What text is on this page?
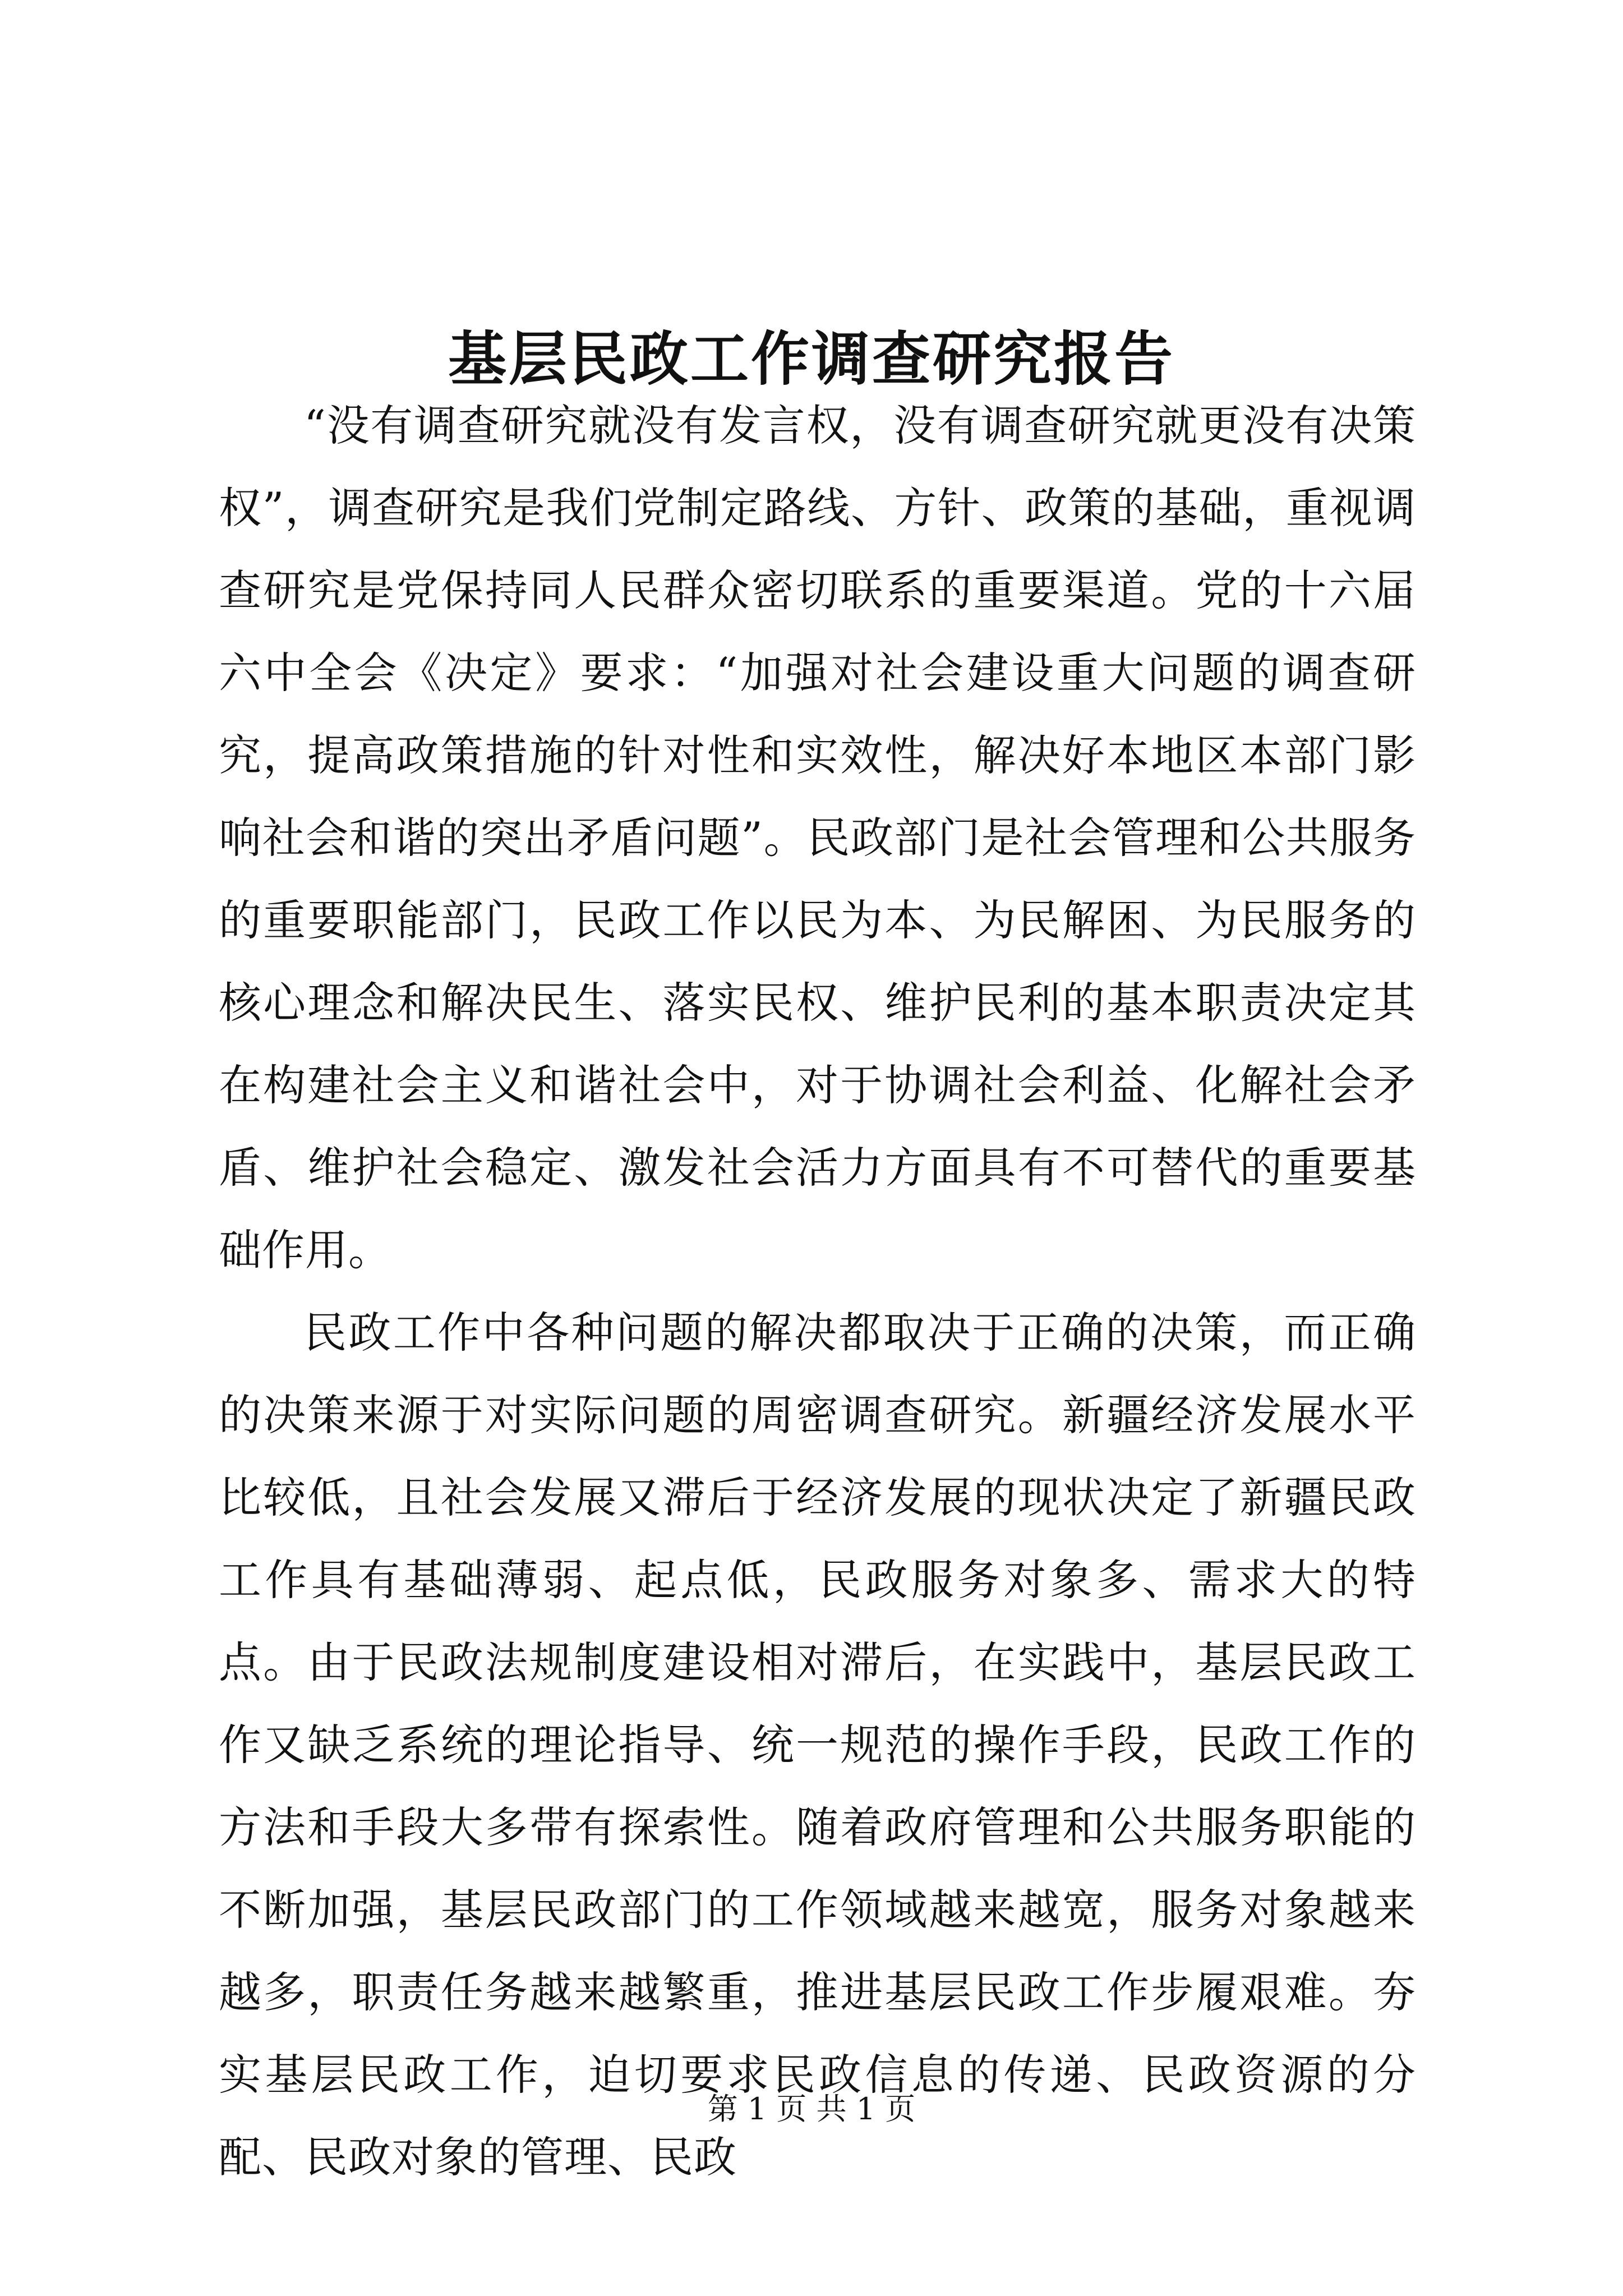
基层民政工作调查研究报告

“没有调查研究就没有发言权，没有调查研究就更没有决策权”，调查研究是我们党制定路线、方针、政策的基础，重视调查研究是党保持同人民群众密切联系的重要渠道。党的十六届六中全会《决定》要求：“加强对社会建设重大问题的调查研究，提高政策措施的针对性和实效性，解决好本地区本部门影响社会和谐的突出矛盾问题”。民政部门是社会管理和公共服务的重要职能部门，民政工作以民为本、为民解困、为民服务的核心理念和解决民生、落实民权、维护民利的基本职责决定其在构建社会主义和谐社会中，对于协调社会利益、化解社会矛盾、维护社会稳定、激发社会活力方面具有不可替代的重要基础作用。

民政工作中各种问题的解决都取决于正确的决策，而正确的决策来源于对实际问题的周密调查研究。新疆经济发展水平比较低，且社会发展又滞后于经济发展的现状决定了新疆民政工作具有基础薄弱、起点低，民政服务对象多、需求大的特点。由于民政法规制度建设相对滞后，在实践中，基层民政工作又缺乏系统的理论指导、统一规范的操作手段，民政工作的方法和手段大多带有探索性。随着政府管理和公共服务职能的不断加强，基层民政部门的工作领域越来越宽，服务对象越来越多，职责任务越来越繁重，推进基层民政工作步履艰难。夯实基层民政工作，迫切要求民政信息的传递、民政资源的分配、民政对象的管理、民政

第 1 页 共 1 页
